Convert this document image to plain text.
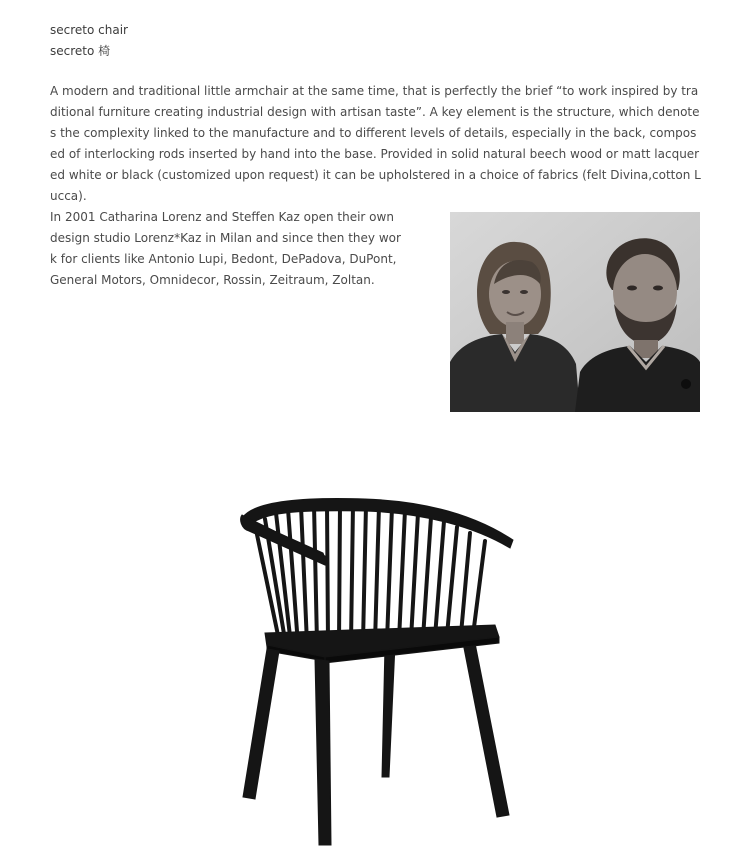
secreto chair
secreto 椅
A modern and traditional little armchair at the same time, that is perfectly the brief “to work inspired by traditional furniture creating industrial design with artisan taste”. A key element is the structure, which denotes the complexity linked to the manufacture and to different levels of details, especially in the back, composed of interlocking rods inserted by hand into the base. Provided in solid natural beech wood or matt lacquered white or black (customized upon request) it can be upholstered in a choice of fabrics (felt Divina,cotton Lucca).
In 2001 Catharina Lorenz and Steffen Kaz open their own design studio Lorenz*Kaz in Milan and since then they work for clients like Antonio Lupi, Bedont, DePadova, DuPont, General Motors, Omnidecor, Rossin, Zeitraum, Zoltan.
